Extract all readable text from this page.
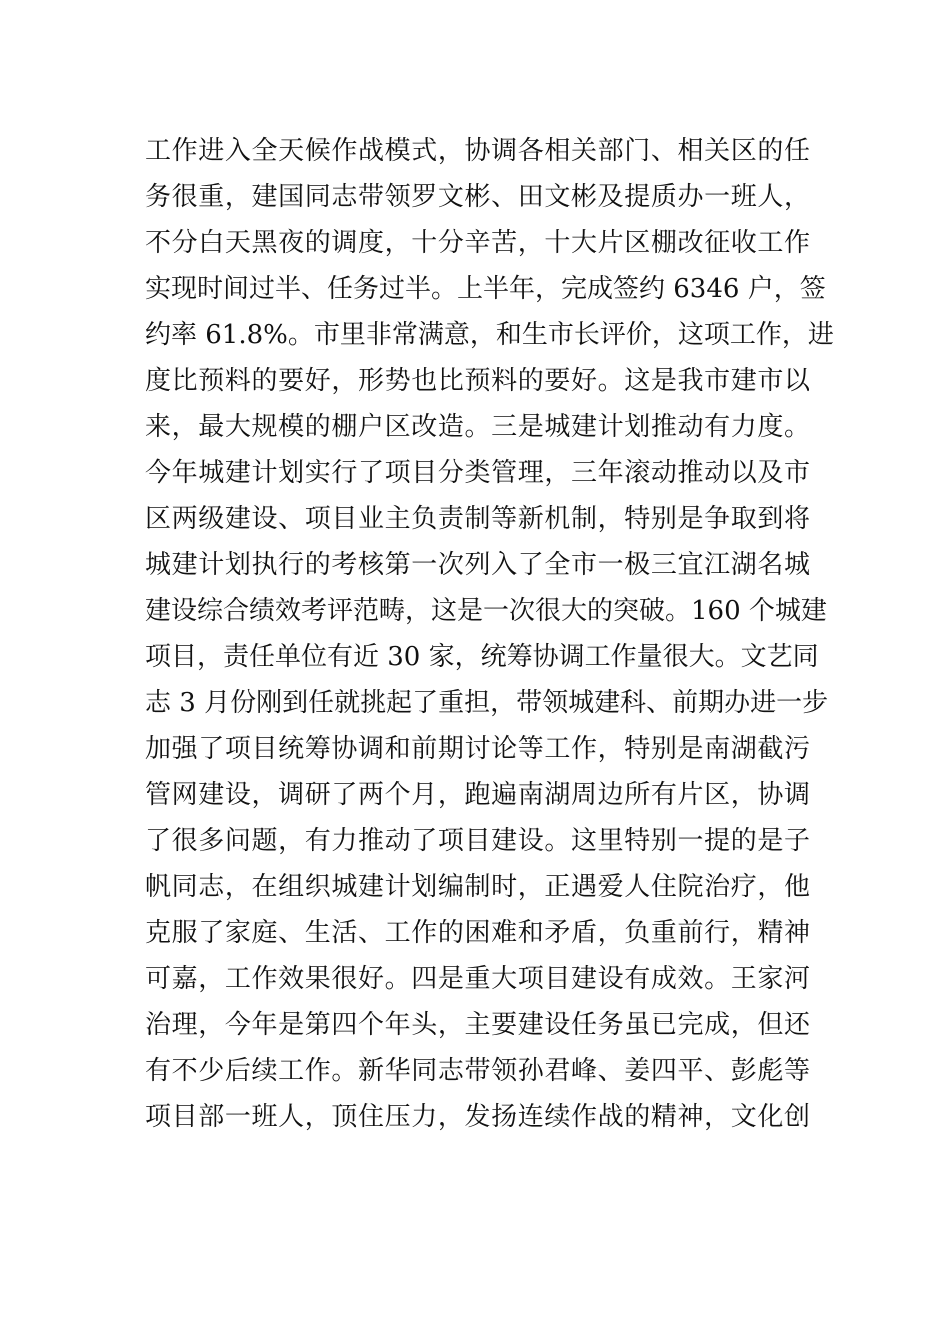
工作进入全天候作战模式，协调各相关部门、相关区的任
务很重，建国同志带领罗文彬、田文彬及提质办一班人，
不分白天黑夜的调度，十分辛苦，十大片区棚改征收工作
实现时间过半、任务过半。上半年，完成签约 6346 户，签
约率 61.8%。市里非常满意，和生市长评价，这项工作，进
度比预料的要好，形势也比预料的要好。这是我市建市以
来，最大规模的棚户区改造。三是城建计划推动有力度。
今年城建计划实行了项目分类管理，三年滚动推动以及市
区两级建设、项目业主负责制等新机制，特别是争取到将
城建计划执行的考核第一次列入了全市一极三宜江湖名城
建设综合绩效考评范畴，这是一次很大的突破。160 个城建
项目，责任单位有近 30 家，统筹协调工作量很大。文艺同
志 3 月份刚到任就挑起了重担，带领城建科、前期办进一步
加强了项目统筹协调和前期讨论等工作，特别是南湖截污
管网建设，调研了两个月，跑遍南湖周边所有片区，协调
了很多问题，有力推动了项目建设。这里特别一提的是子
帆同志，在组织城建计划编制时，正遇爱人住院治疗，他
克服了家庭、生活、工作的困难和矛盾，负重前行，精神
可嘉，工作效果很好。四是重大项目建设有成效。王家河
治理，今年是第四个年头，主要建设任务虽已完成，但还
有不少后续工作。新华同志带领孙君峰、姜四平、彭彪等
项目部一班人，顶住压力，发扬连续作战的精神，文化创
